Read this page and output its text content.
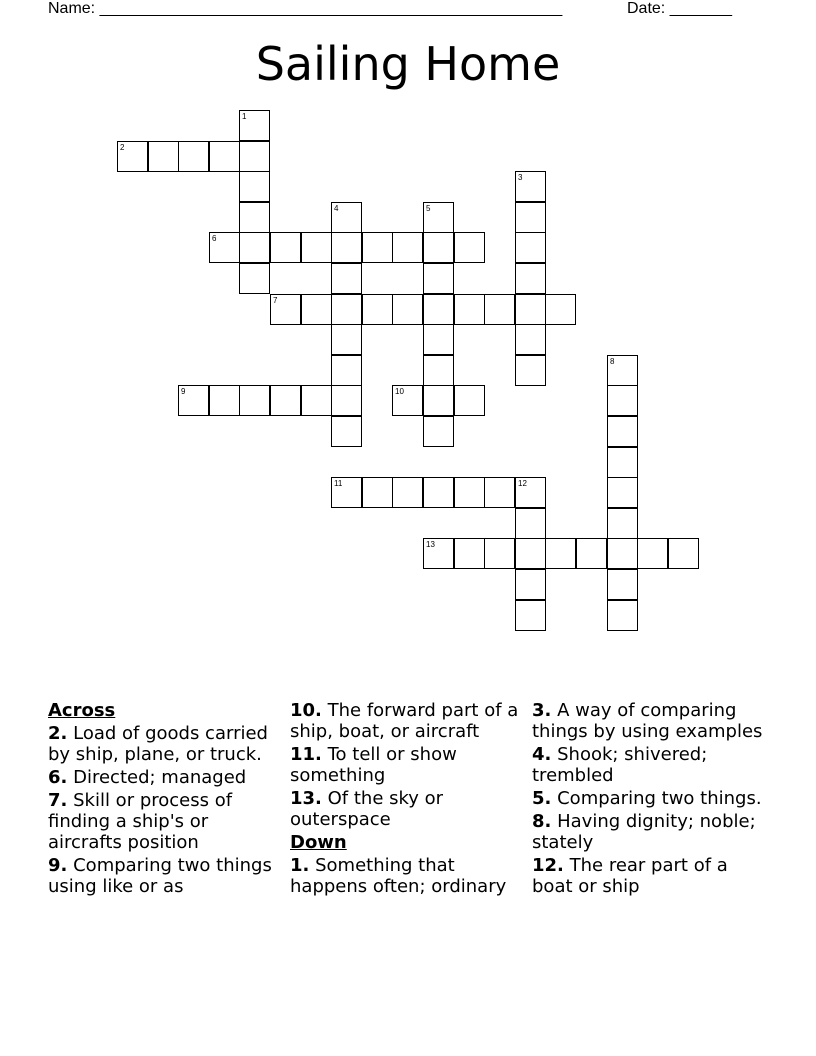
Name: ____________________________________________________	Date: _______
Sailing Home
1
2
3
4	5
6
7
8
9	10
11	12
13
Across
2. Load of goods carried by ship, plane, or truck.
6. Directed; managed
7. Skill or process of finding a ship's or aircrafts position
9. Comparing two things using like or as
10. The forward part of a ship, boat, or aircraft
11. To tell or show something
13. Of the sky or outerspace
Down
1. Something that happens often; ordinary
3. A way of comparing things by using examples
4. Shook; shivered; trembled
5. Comparing two things.
8. Having dignity; noble; stately
12. The rear part of a boat or ship
